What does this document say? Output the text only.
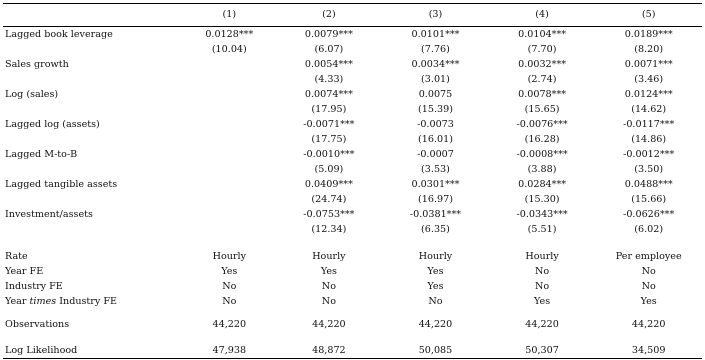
	(1)	(2)	(3)	(4)	(5)
Lagged book leverage	0.0128***	0.0079***	0.0101***	0.0104***	0.0189***
	(10.04)	(6.07)	(7.76)	(7.70)	(8.20)
Sales growth		0.0054***	0.0034***	0.0032***	0.0071***
		(4.33)	(3.01)	(2.74)	(3.46)
Log (sales)		0.0074***	0.0075	0.0078***	0.0124***
		(17.95)	(15.39)	(15.65)	(14.62)
Lagged log (assets)		-0.0071***	-0.0073	-0.0076***	-0.0117***
		(17.75)	(16.01)	(16.28)	(14.86)
Lagged M-to-B		-0.0010***	-0.0007	-0.0008***	-0.0012***
		(5.09)	(3.53)	(3.88)	(3.50)
Lagged tangible assets		0.0409***	0.0301***	0.0284***	0.0488***
		(24.74)	(16.97)	(15.30)	(15.66)
Investment/assets		-0.0753***	-0.0381***	-0.0343***	-0.0626***
		(12.34)	(6.35)	(5.51)	(6.02)

Rate	Hourly	Hourly	Hourly	Hourly	Per employee
Year FE	Yes	Yes	Yes	No	No
Industry FE	No	No	Yes	No	No
Year times Industry FE	No	No	No	Yes	Yes

Observations	44,220	44,220	44,220	44,220	44,220

Log Likelihood	47,938	48,872	50,085	50,307	34,509
